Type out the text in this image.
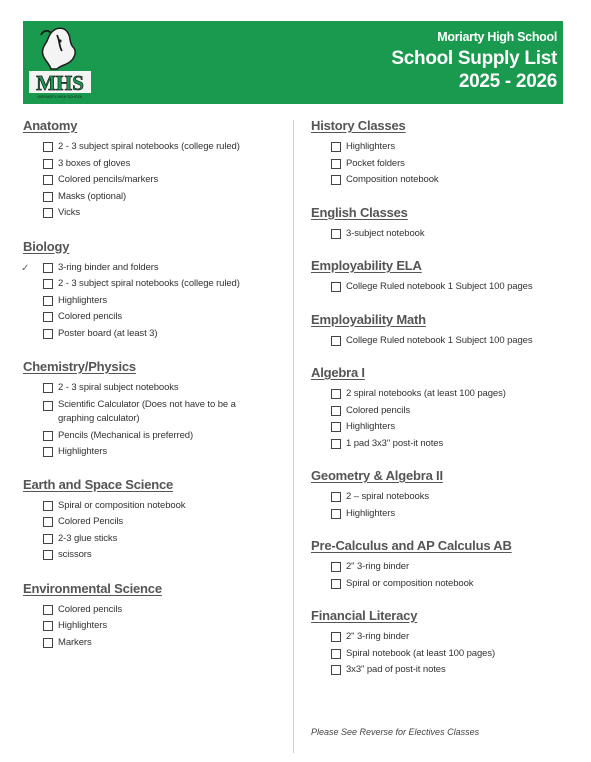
MHS
MORIARTY HIGH SCHOOL
Moriarty High School
School Supply List
2025 - 2026
Anatomy
2 - 3 subject spiral notebooks (college ruled)
3 boxes of gloves
Colored pencils/markers
Masks (optional)
Vicks
Biology
✓	3-ring binder and folders
2 - 3 subject spiral notebooks (college ruled)
Highlighters
Colored pencils
Poster board (at least 3)
Chemistry/Physics
2 - 3 spiral subject notebooks
Scientific Calculator (Does not have to be a graphing calculator)
Pencils (Mechanical is preferred)
Highlighters
Earth and Space Science
Spiral or composition notebook
Colored Pencils
2-3 glue sticks
scissors
Environmental Science
Colored pencils
Highlighters
Markers
History Classes
Highlighters
Pocket folders
Composition notebook
English Classes
3-subject notebook
Employability ELA
College Ruled notebook 1 Subject 100 pages
Employability Math
College Ruled notebook 1 Subject 100 pages
Algebra I
2 spiral notebooks (at least 100 pages)
Colored pencils
Highlighters
1 pad 3x3" post-it notes
Geometry & Algebra II
2 – spiral notebooks
Highlighters
Pre-Calculus and AP Calculus AB
2" 3-ring binder
Spiral or composition notebook
Financial Literacy
2" 3-ring binder
Spiral notebook (at least 100 pages)
3x3" pad of post-it notes
Please See Reverse for Electives Classes
